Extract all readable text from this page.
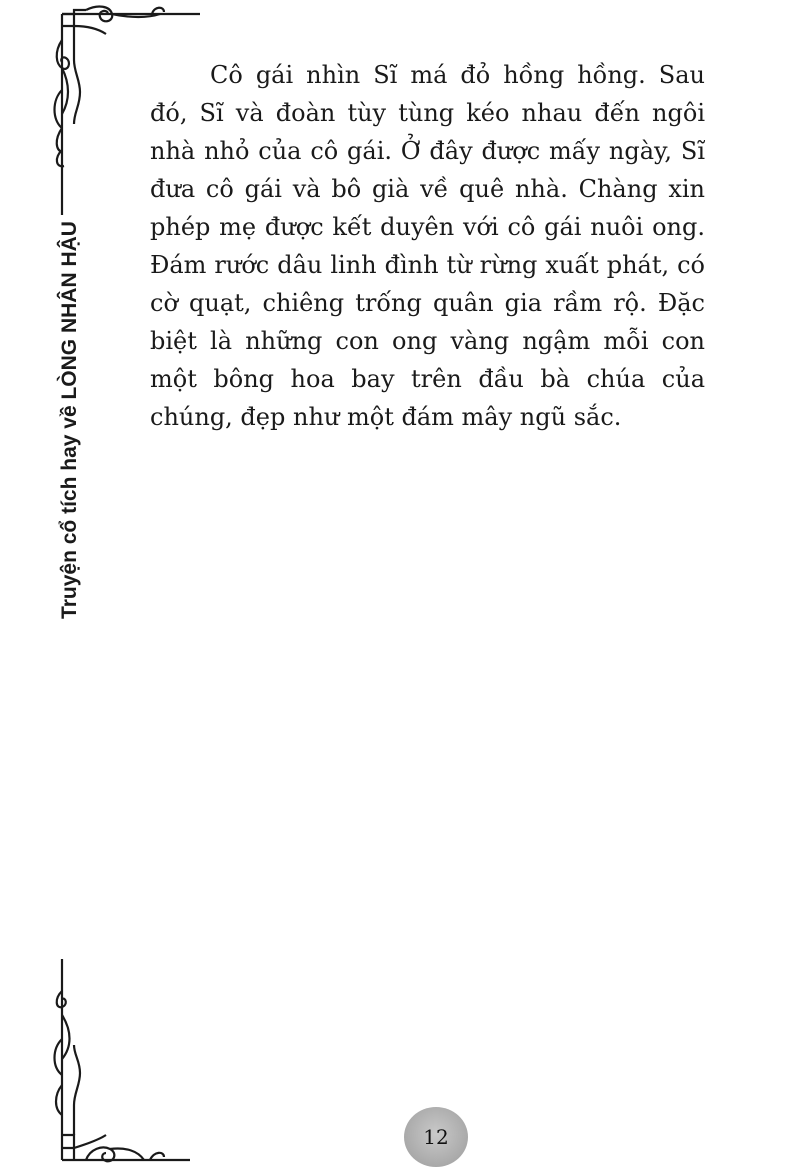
Truyện cổ tích hay về LÒNG NHÂN HẬU

Cô gái nhìn Sĩ má đỏ hồng hồng. Sau đó, Sĩ và đoàn tùy tùng kéo nhau đến ngôi nhà nhỏ của cô gái. Ở đây được mấy ngày, Sĩ đưa cô gái và bô già về quê nhà. Chàng xin phép mẹ được kết duyên với cô gái nuôi ong. Đám rước dâu linh đình từ rừng xuất phát, có cờ quạt, chiêng trống quân gia rầm rộ. Đặc biệt là những con ong vàng ngậm mỗi con một bông hoa bay trên đầu bà chúa của chúng, đẹp như một đám mây ngũ sắc.

12
